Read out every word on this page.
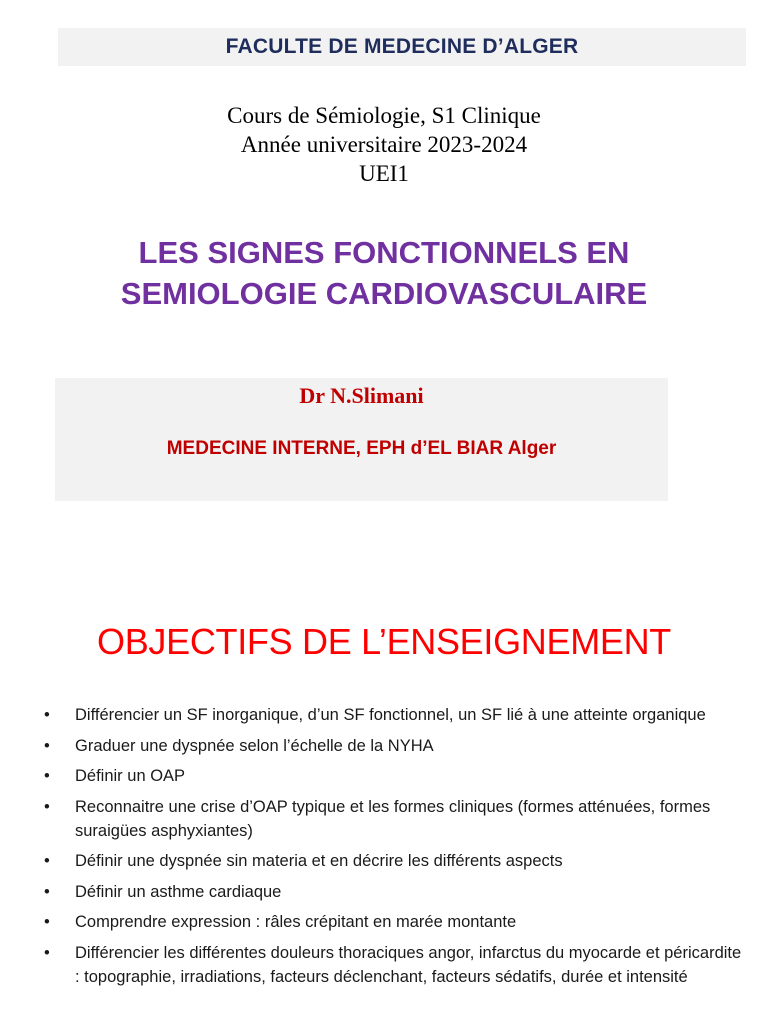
FACULTE DE MEDECINE D’ALGER
Cours de Sémiologie, S1 Clinique
Année universitaire 2023-2024
UEI1
LES SIGNES FONCTIONNELS EN
SEMIOLOGIE CARDIOVASCULAIRE
Dr N.Slimani
MEDECINE INTERNE, EPH d’EL BIAR Alger
OBJECTIFS DE L’ENSEIGNEMENT
•	Différencier un SF inorganique, d’un SF fonctionnel, un SF lié à une atteinte organique
•	Graduer une dyspnée selon l’échelle de la NYHA
•	Définir un OAP
•	Reconnaitre une crise d’OAP typique et les formes cliniques (formes atténuées, formes suraigües asphyxiantes)
•	Définir une dyspnée sin materia et en décrire les différents aspects
•	Définir un asthme cardiaque
•	Comprendre expression : râles crépitant en marée montante
•	Différencier les différentes douleurs thoraciques angor, infarctus du myocarde et péricardite : topographie, irradiations, facteurs déclenchant, facteurs sédatifs, durée et intensité
